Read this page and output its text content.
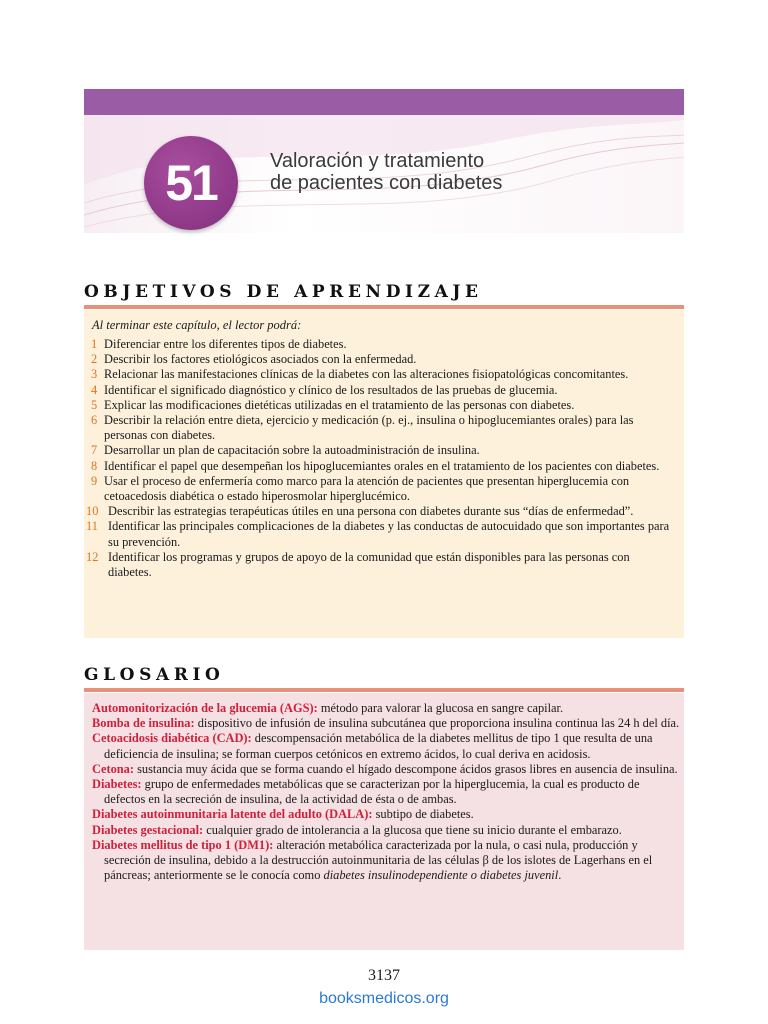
51	Valoración y tratamiento
de pacientes con diabetes
OBJETIVOS DE APRENDIZAJE
Al terminar este capítulo, el lector podrá:
1 Diferenciar entre los diferentes tipos de diabetes.
2 Describir los factores etiológicos asociados con la enfermedad.
3 Relacionar las manifestaciones clínicas de la diabetes con las alteraciones fisiopatológicas concomitantes.
4 Identificar el significado diagnóstico y clínico de los resultados de las pruebas de glucemia.
5 Explicar las modificaciones dietéticas utilizadas en el tratamiento de las personas con diabetes.
6 Describir la relación entre dieta, ejercicio y medicación (p. ej., insulina o hipoglucemiantes orales) para las personas con diabetes.
7 Desarrollar un plan de capacitación sobre la autoadministración de insulina.
8 Identificar el papel que desempeñan los hipoglucemiantes orales en el tratamiento de los pacientes con diabetes.
9 Usar el proceso de enfermería como marco para la atención de pacientes que presentan hiperglucemia con cetoacedosis diabética o estado hiperosmolar hiperglucémico.
10 Describir las estrategias terapéuticas útiles en una persona con diabetes durante sus “días de enfermedad”.
11 Identificar las principales complicaciones de la diabetes y las conductas de autocuidado que son importantes para su prevención.
12 Identificar los programas y grupos de apoyo de la comunidad que están disponibles para las personas con diabetes.
GLOSARIO
Automonitorización de la glucemia (AGS): método para valorar la glucosa en sangre capilar.
Bomba de insulina: dispositivo de infusión de insulina subcutánea que proporciona insulina continua las 24 h del día.
Cetoacidosis diabética (CAD): descompensación metabólica de la diabetes mellitus de tipo 1 que resulta de una deficiencia de insulina; se forman cuerpos cetónicos en extremo ácidos, lo cual deriva en acidosis.
Cetona: sustancia muy ácida que se forma cuando el hígado descompone ácidos grasos libres en ausencia de insulina.
Diabetes: grupo de enfermedades metabólicas que se caracterizan por la hiperglucemia, la cual es producto de defectos en la secreción de insulina, de la actividad de ésta o de ambas.
Diabetes autoinmunitaria latente del adulto (DALA): subtipo de diabetes.
Diabetes gestacional: cualquier grado de intolerancia a la glucosa que tiene su inicio durante el embarazo.
Diabetes mellitus de tipo 1 (DM1): alteración metabólica caracterizada por la nula, o casi nula, producción y secreción de insulina, debido a la destrucción autoinmunitaria de las células β de los islotes de Lagerhans en el páncreas; anteriormente se le conocía como diabetes insulinodependiente o diabetes juvenil.
3137
booksmedicos.org
